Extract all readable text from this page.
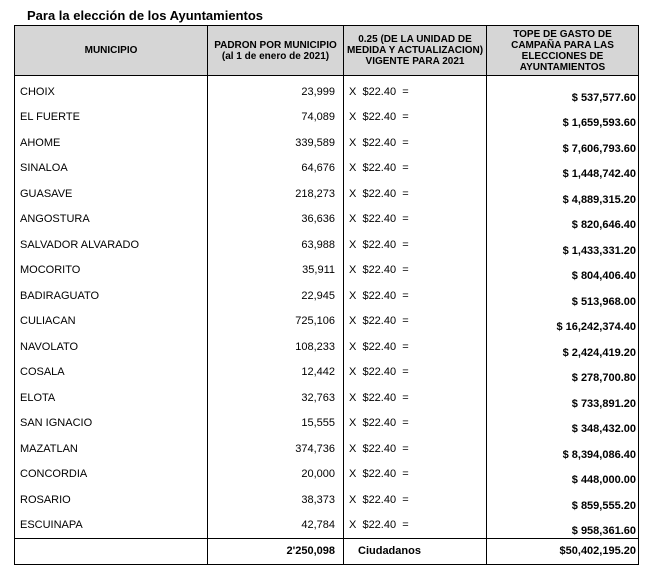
Para la elección de los Ayuntamientos
MUNICIPIO	PADRON POR MUNICIPIO (al 1 de enero de 2021)	0.25 (DE LA UNIDAD DE MEDIDA Y ACTUALIZACION) VIGENTE PARA 2021	TOPE DE GASTO DE CAMPAÑA PARA LAS ELECCIONES DE AYUNTAMIENTOS

CHOIX	23,999	X  $22.40  =	$ 537,577.60
EL FUERTE	74,089	X  $22.40  =	$ 1,659,593.60
AHOME	339,589	X  $22.40  =	$ 7,606,793.60
SINALOA	64,676	X  $22.40  =	$ 1,448,742.40
GUASAVE	218,273	X  $22.40  =	$ 4,889,315.20
ANGOSTURA	36,636	X  $22.40  =	$ 820,646.40
SALVADOR ALVARADO	63,988	X  $22.40  =	$ 1,433,331.20
MOCORITO	35,911	X  $22.40  =	$ 804,406.40
BADIRAGUATO	22,945	X  $22.40  =	$ 513,968.00
CULIACAN	725,106	X  $22.40  =	$ 16,242,374.40
NAVOLATO	108,233	X  $22.40  =	$ 2,424,419.20
COSALA	12,442	X  $22.40  =	$ 278,700.80
ELOTA	32,763	X  $22.40  =	$ 733,891.20
SAN IGNACIO	15,555	X  $22.40  =	$ 348,432.00
MAZATLAN	374,736	X  $22.40  =	$ 8,394,086.40
CONCORDIA	20,000	X  $22.40  =	$ 448,000.00
ROSARIO	38,373	X  $22.40  =	$ 859,555.20
ESCUINAPA	42,784	X  $22.40  =	$ 958,361.60
	2'250,098	Ciudadanos	$50,402,195.20
